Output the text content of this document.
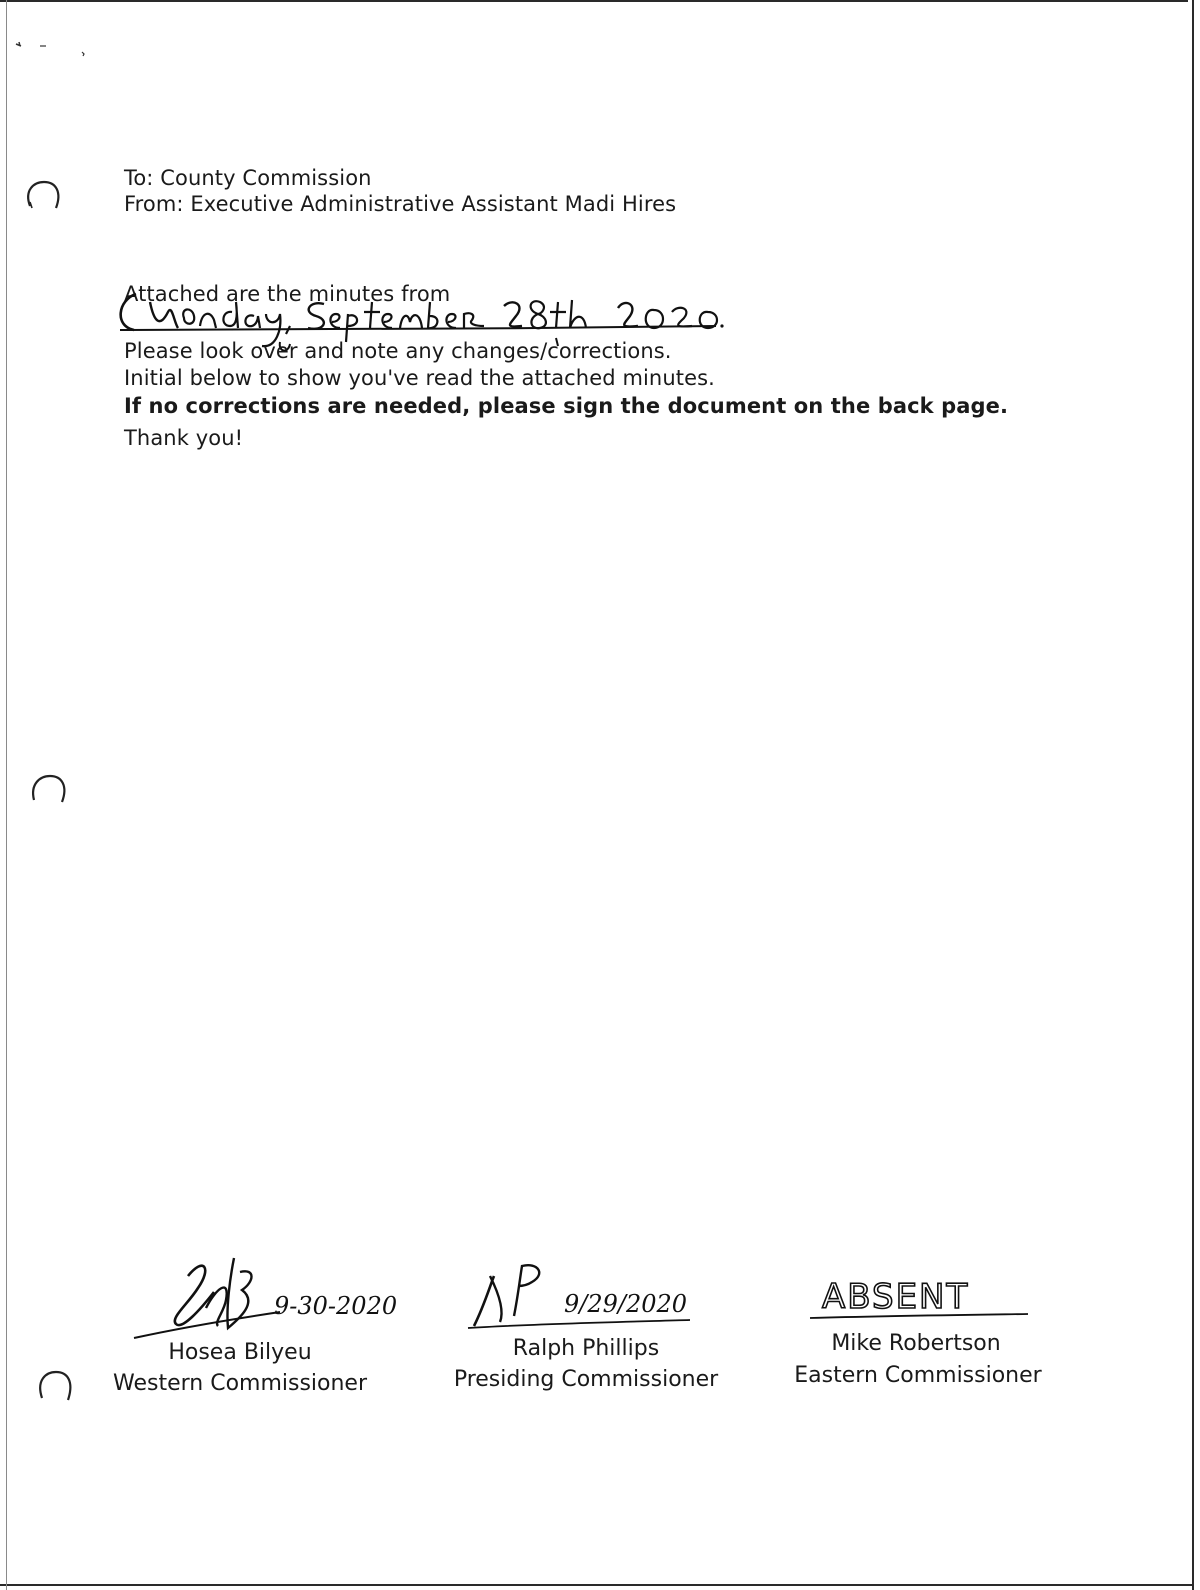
To: County Commission
From: Executive Administrative Assistant Madi Hires
Attached are the minutes from
Please look over and note any changes/corrections.
Initial below to show you've read the attached minutes.
If no corrections are needed, please sign the document on the back page.
Thank you!
9-30-2020
Hosea Bilyeu
Western Commissioner
9/29/2020
Ralph Phillips
Presiding Commissioner
ABSENT
Mike Robertson
Eastern Commissioner
